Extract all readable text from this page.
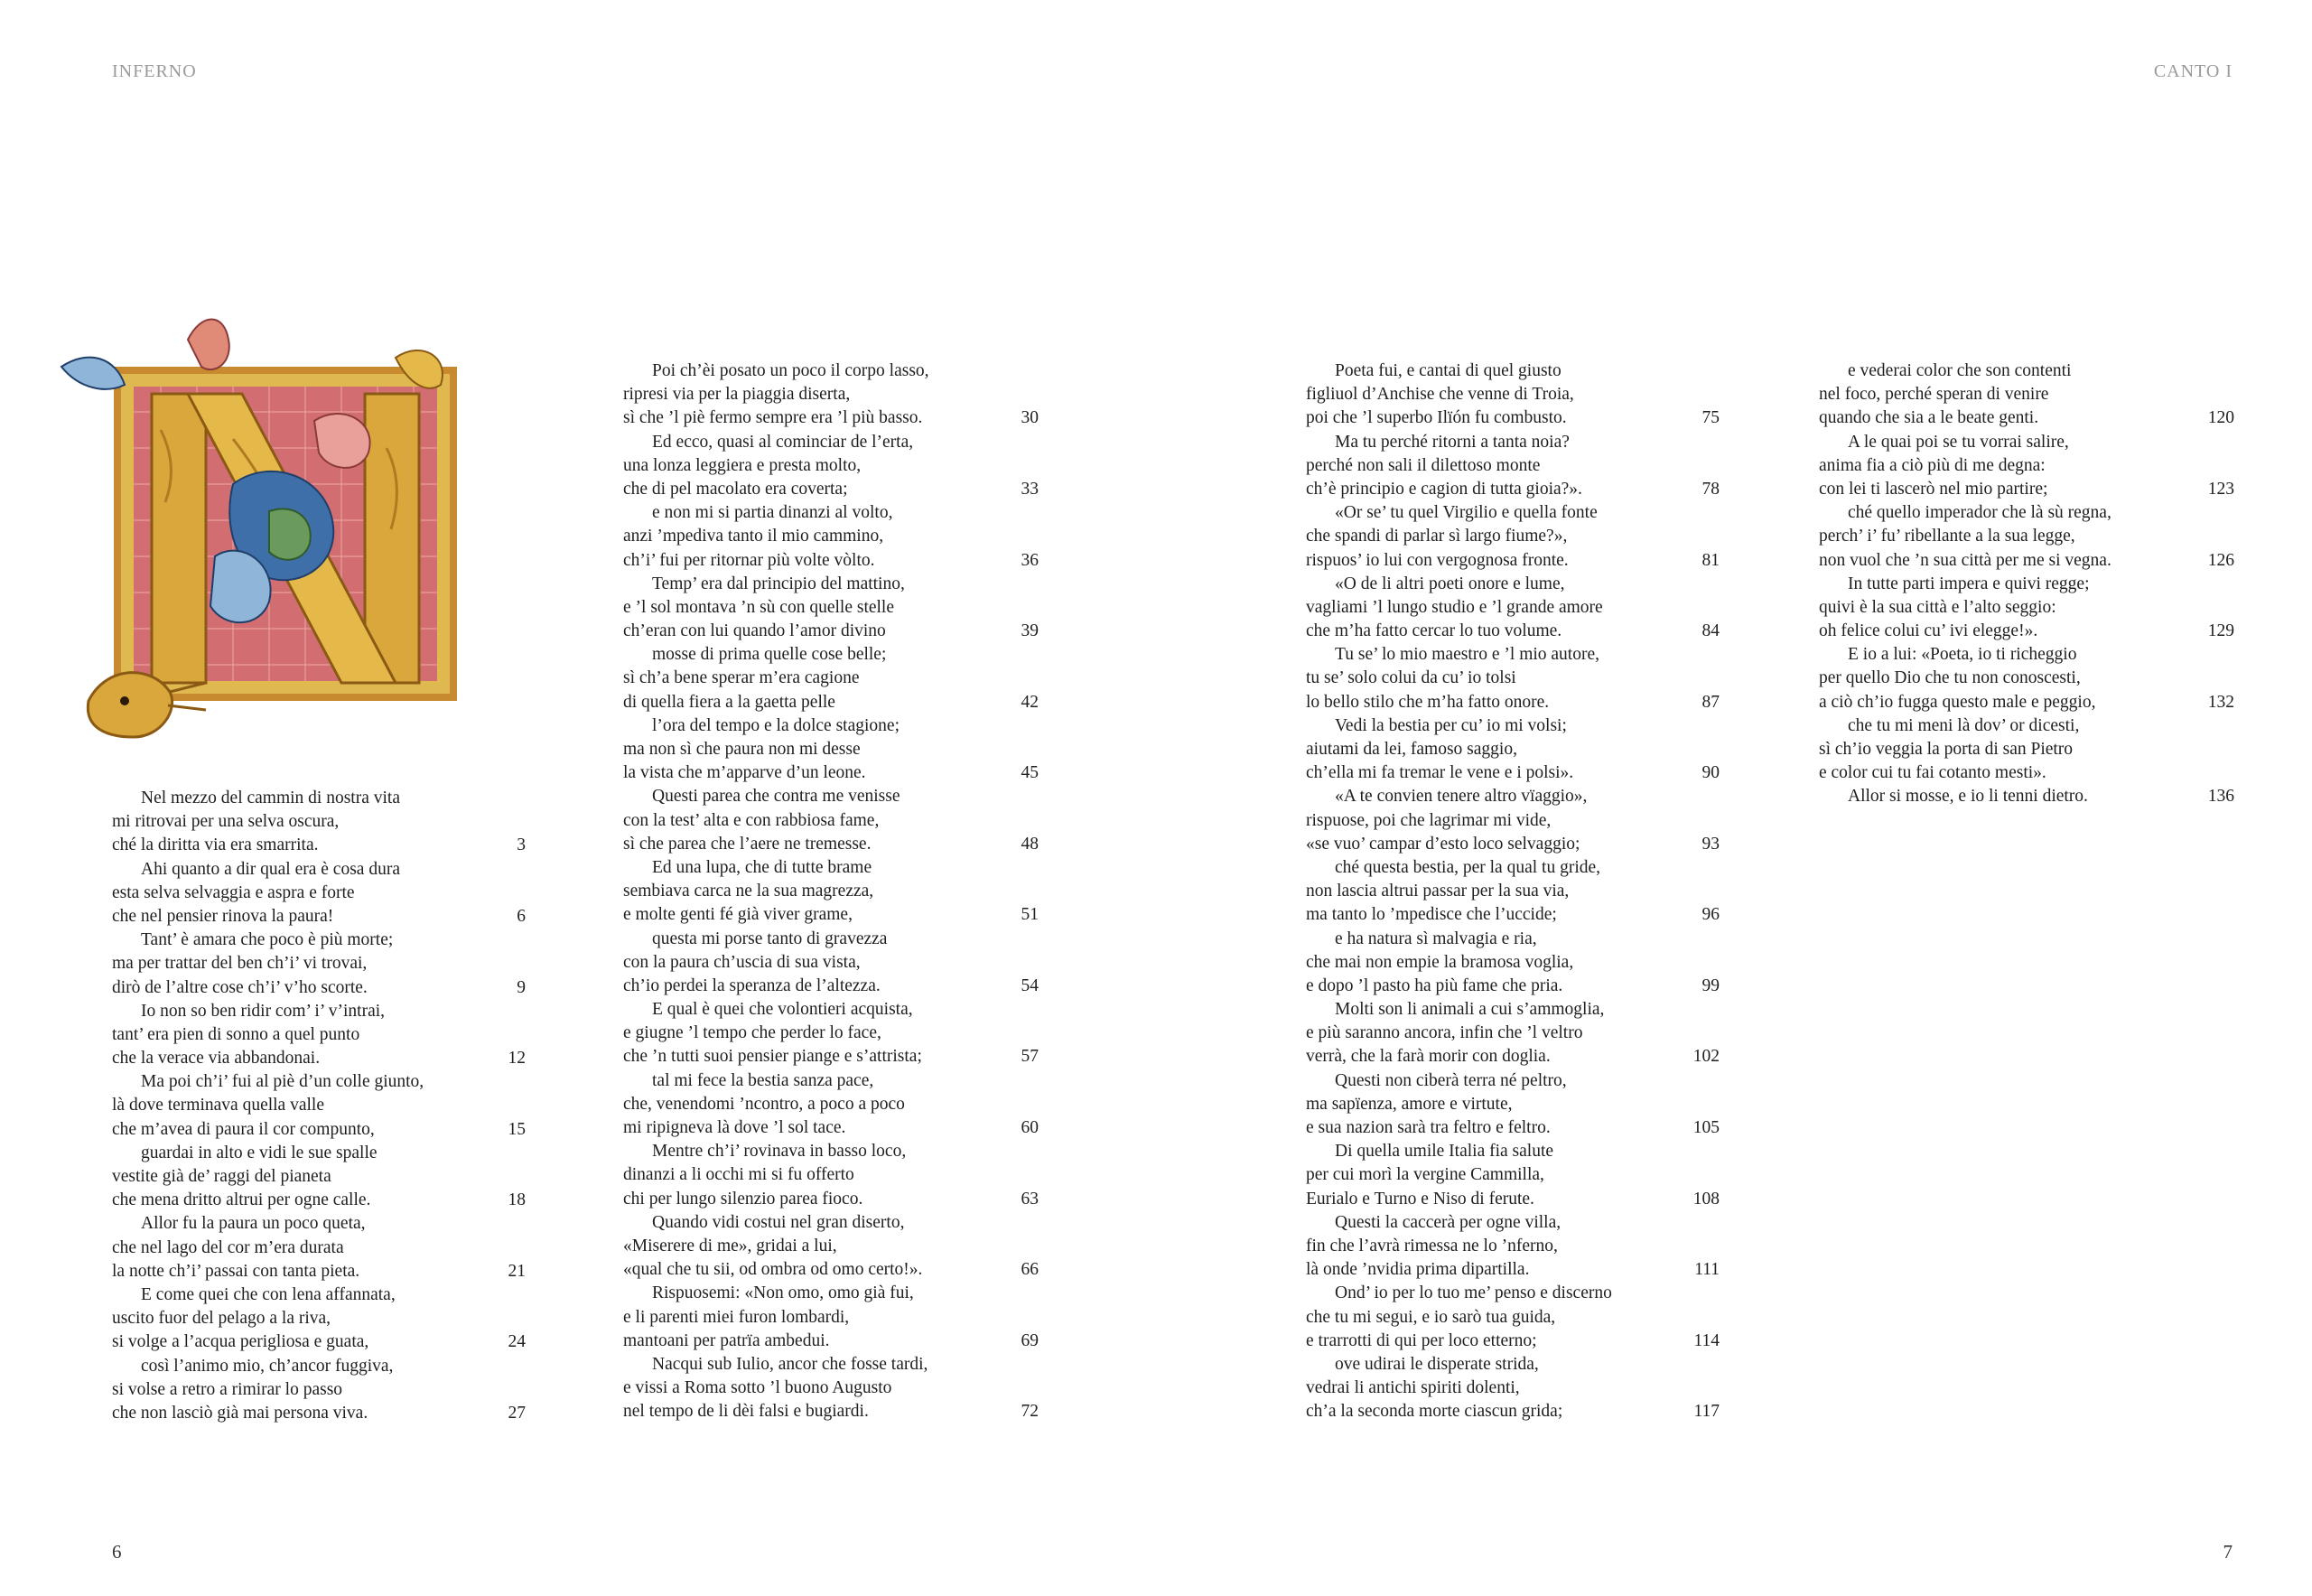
INFERNO
Nel mezzo del cammin di nostra vita
mi ritrovai per una selva oscura,
ché la diritta via era smarrita.	3
Ahi quanto a dir qual era è cosa dura
esta selva selvaggia e aspra e forte
che nel pensier rinova la paura!	6
Tant’ è amara che poco è più morte;
ma per trattar del ben ch’i’ vi trovai,
dirò de l’altre cose ch’i’ v’ho scorte.	9
Io non so ben ridir com’ i’ v’intrai,
tant’ era pien di sonno a quel punto
che la verace via abbandonai.	12
Ma poi ch’i’ fui al piè d’un colle giunto,
là dove terminava quella valle
che m’avea di paura il cor compunto,	15
guardai in alto e vidi le sue spalle
vestite già de’ raggi del pianeta
che mena dritto altrui per ogne calle.	18
Allor fu la paura un poco queta,
che nel lago del cor m’era durata
la notte ch’i’ passai con tanta pieta.	21
E come quei che con lena affannata,
uscito fuor del pelago a la riva,
si volge a l’acqua perigliosa e guata,	24
così l’animo mio, ch’ancor fuggiva,
si volse a retro a rimirar lo passo
che non lasciò già mai persona viva.	27
Poi ch’èi posato un poco il corpo lasso,
ripresi via per la piaggia diserta,
sì che ’l piè fermo sempre era ’l più basso.	30
Ed ecco, quasi al cominciar de l’erta,
una lonza leggiera e presta molto,
che di pel macolato era coverta;	33
e non mi si partia dinanzi al volto,
anzi ’mpediva tanto il mio cammino,
ch’i’ fui per ritornar più volte vòlto.	36
Temp’ era dal principio del mattino,
e ’l sol montava ’n sù con quelle stelle
ch’eran con lui quando l’amor divino	39
mosse di prima quelle cose belle;
sì ch’a bene sperar m’era cagione
di quella fiera a la gaetta pelle	42
l’ora del tempo e la dolce stagione;
ma non sì che paura non mi desse
la vista che m’apparve d’un leone.	45
Questi parea che contra me venisse
con la test’ alta e con rabbiosa fame,
sì che parea che l’aere ne tremesse.	48
Ed una lupa, che di tutte brame
sembiava carca ne la sua magrezza,
e molte genti fé già viver grame,	51
questa mi porse tanto di gravezza
con la paura ch’uscia di sua vista,
ch’io perdei la speranza de l’altezza.	54
E qual è quei che volontieri acquista,
e giugne ’l tempo che perder lo face,
che ’n tutti suoi pensier piange e s’attrista;	57
tal mi fece la bestia sanza pace,
che, venendomi ’ncontro, a poco a poco
mi ripigneva là dove ’l sol tace.	60
Mentre ch’i’ rovinava in basso loco,
dinanzi a li occhi mi si fu offerto
chi per lungo silenzio parea fioco.	63
Quando vidi costui nel gran diserto,
«Miserere di me», gridai a lui,
«qual che tu sii, od ombra od omo certo!».	66
Rispuosemi: «Non omo, omo già fui,
e li parenti miei furon lombardi,
mantoani per patrïa ambedui.	69
Nacqui sub Iulio, ancor che fosse tardi,
e vissi a Roma sotto ’l buono Augusto
nel tempo de li dèi falsi e bugiardi.	72
6
CANTO I
Poeta fui, e cantai di quel giusto
figliuol d’Anchise che venne di Troia,
poi che ’l superbo Ilïón fu combusto.	75
Ma tu perché ritorni a tanta noia?
perché non sali il dilettoso monte
ch’è principio e cagion di tutta gioia?».	78
«Or se’ tu quel Virgilio e quella fonte
che spandi di parlar sì largo fiume?»,
rispuos’ io lui con vergognosa fronte.	81
«O de li altri poeti onore e lume,
vagliami ’l lungo studio e ’l grande amore
che m’ha fatto cercar lo tuo volume.	84
Tu se’ lo mio maestro e ’l mio autore,
tu se’ solo colui da cu’ io tolsi
lo bello stilo che m’ha fatto onore.	87
Vedi la bestia per cu’ io mi volsi;
aiutami da lei, famoso saggio,
ch’ella mi fa tremar le vene e i polsi».	90
«A te convien tenere altro vïaggio»,
rispuose, poi che lagrimar mi vide,
«se vuo’ campar d’esto loco selvaggio;	93
ché questa bestia, per la qual tu gride,
non lascia altrui passar per la sua via,
ma tanto lo ’mpedisce che l’uccide;	96
e ha natura sì malvagia e ria,
che mai non empie la bramosa voglia,
e dopo ’l pasto ha più fame che pria.	99
Molti son li animali a cui s’ammoglia,
e più saranno ancora, infin che ’l veltro
verrà, che la farà morir con doglia.	102
Questi non ciberà terra né peltro,
ma sapïenza, amore e virtute,
e sua nazion sarà tra feltro e feltro.	105
Di quella umile Italia fia salute
per cui morì la vergine Cammilla,
Eurialo e Turno e Niso di ferute.	108
Questi la caccerà per ogne villa,
fin che l’avrà rimessa ne lo ’nferno,
là onde ’nvidia prima dipartilla.	111
Ond’ io per lo tuo me’ penso e discerno
che tu mi segui, e io sarò tua guida,
e trarrotti di qui per loco etterno;	114
ove udirai le disperate strida,
vedrai li antichi spiriti dolenti,
ch’a la seconda morte ciascun grida;	117
e vederai color che son contenti
nel foco, perché speran di venire
quando che sia a le beate genti.	120
A le quai poi se tu vorrai salire,
anima fia a ciò più di me degna:
con lei ti lascerò nel mio partire;	123
ché quello imperador che là sù regna,
perch’ i’ fu’ ribellante a la sua legge,
non vuol che ’n sua città per me si vegna.	126
In tutte parti impera e quivi regge;
quivi è la sua città e l’alto seggio:
oh felice colui cu’ ivi elegge!».	129
E io a lui: «Poeta, io ti richeggio
per quello Dio che tu non conoscesti,
a ciò ch’io fugga questo male e peggio,	132
che tu mi meni là dov’ or dicesti,
sì ch’io veggia la porta di san Pietro
e color cui tu fai cotanto mesti».
Allor si mosse, e io li tenni dietro.	136
7
